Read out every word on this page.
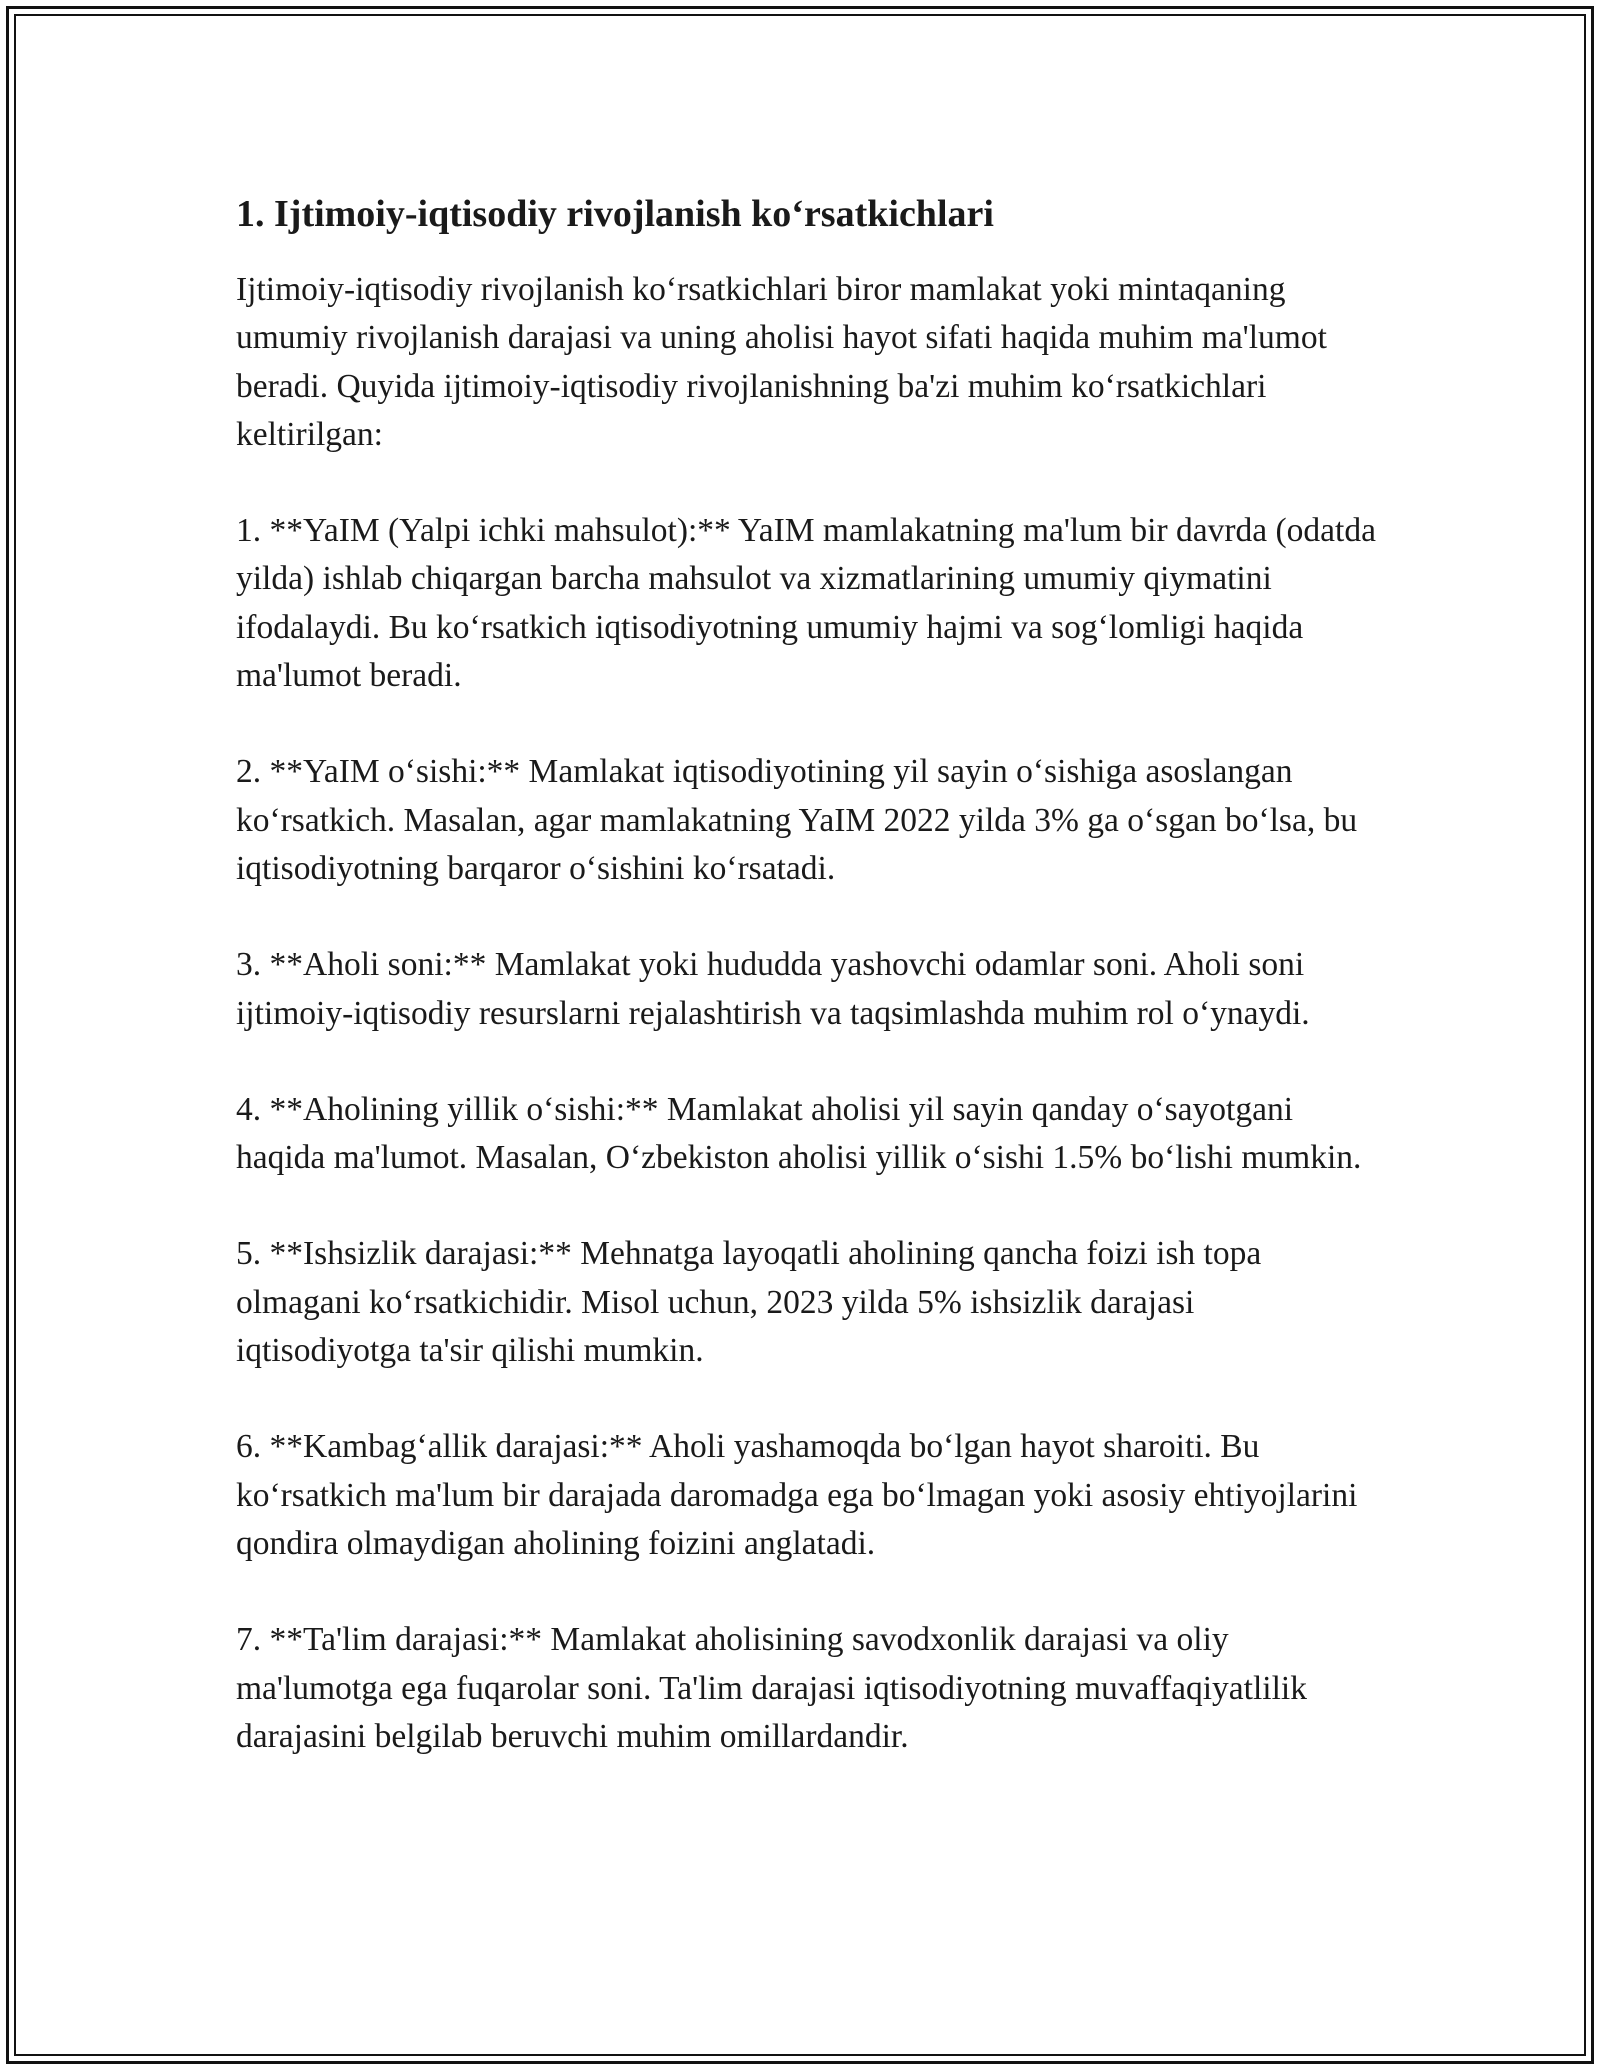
1. Ijtimoiy-iqtisodiy rivojlanish koʻrsatkichlari

Ijtimoiy-iqtisodiy rivojlanish koʻrsatkichlari biror mamlakat yoki mintaqaning umumiy rivojlanish darajasi va uning aholisi hayot sifati haqida muhim ma'lumot beradi. Quyida ijtimoiy-iqtisodiy rivojlanishning ba'zi muhim koʻrsatkichlari keltirilgan:

1. **YaIM (Yalpi ichki mahsulot):** YaIM mamlakatning ma'lum bir davrda (odatda yilda) ishlab chiqargan barcha mahsulot va xizmatlarining umumiy qiymatini ifodalaydi. Bu koʻrsatkich iqtisodiyotning umumiy hajmi va sogʻlomligi haqida ma'lumot beradi.

2. **YaIM oʻsishi:** Mamlakat iqtisodiyotining yil sayin oʻsishiga asoslangan koʻrsatkich. Masalan, agar mamlakatning YaIM 2022 yilda 3% ga oʻsgan boʻlsa, bu iqtisodiyotning barqaror oʻsishini koʻrsatadi.

3. **Aholi soni:** Mamlakat yoki hududda yashovchi odamlar soni. Aholi soni ijtimoiy-iqtisodiy resurslarni rejalashtirish va taqsimlashda muhim rol oʻynaydi.

4. **Aholining yillik oʻsishi:** Mamlakat aholisi yil sayin qanday oʻsayotgani haqida ma'lumot. Masalan, Oʻzbekiston aholisi yillik oʻsishi 1.5% boʻlishi mumkin.

5. **Ishsizlik darajasi:** Mehnatga layoqatli aholining qancha foizi ish topa olmagani koʻrsatkichidir. Misol uchun, 2023 yilda 5% ishsizlik darajasi iqtisodiyotga ta'sir qilishi mumkin.

6. **Kambagʻallik darajasi:** Aholi yashamoqda boʻlgan hayot sharoiti. Bu koʻrsatkich ma'lum bir darajada daromadga ega boʻlmagan yoki asosiy ehtiyojlarini qondira olmaydigan aholining foizini anglatadi.

7. **Ta'lim darajasi:** Mamlakat aholisining savodxonlik darajasi va oliy ma'lumotga ega fuqarolar soni. Ta'lim darajasi iqtisodiyotning muvaffaqiyatlilik darajasini belgilab beruvchi muhim omillardandir.
